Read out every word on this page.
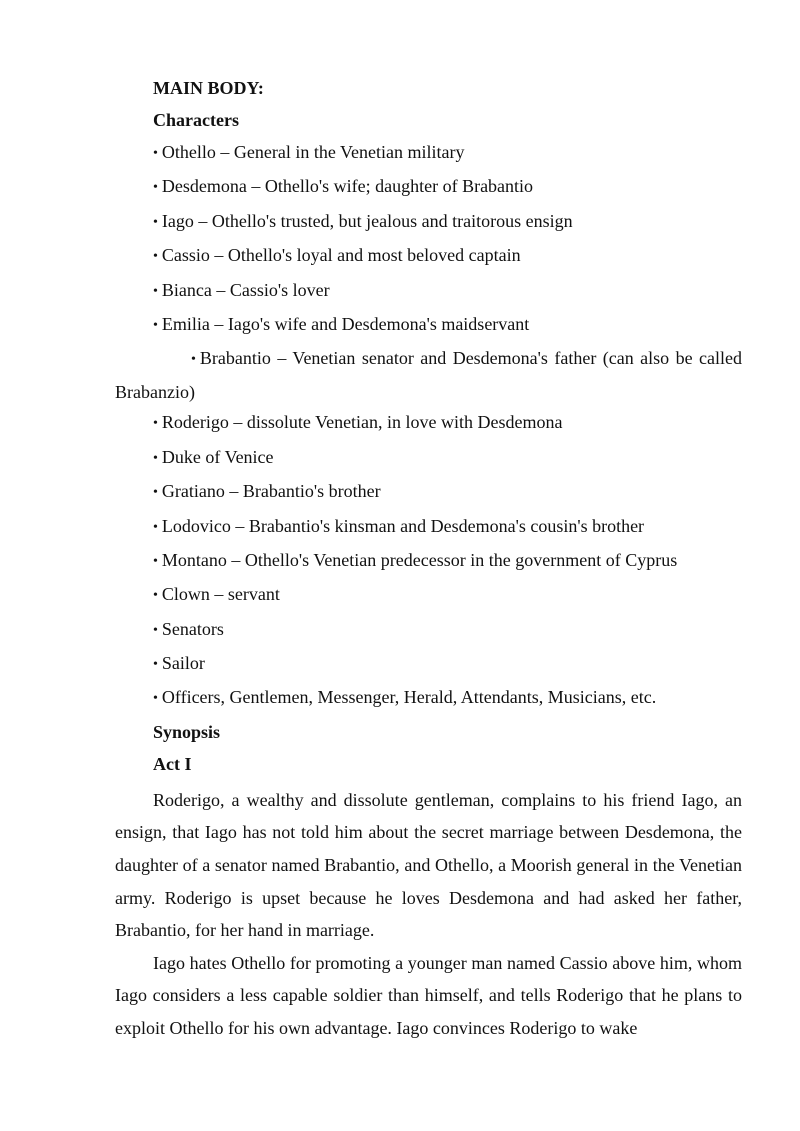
MAIN BODY:
Characters
• Othello – General in the Venetian military
• Desdemona – Othello's wife; daughter of Brabantio
• Iago – Othello's trusted, but jealous and traitorous ensign
• Cassio – Othello's loyal and most beloved captain
• Bianca – Cassio's lover
• Emilia – Iago's wife and Desdemona's maidservant
• Brabantio – Venetian senator and Desdemona's father (can also be called Brabanzio)
• Roderigo – dissolute Venetian, in love with Desdemona
• Duke of Venice
• Gratiano – Brabantio's brother
• Lodovico – Brabantio's kinsman and Desdemona's cousin's brother
• Montano – Othello's Venetian predecessor in the government of Cyprus
• Clown – servant
• Senators
• Sailor
• Officers, Gentlemen, Messenger, Herald, Attendants, Musicians, etc.
Synopsis
Act I

Roderigo, a wealthy and dissolute gentleman, complains to his friend Iago, an ensign, that Iago has not told him about the secret marriage between Desdemona, the daughter of a senator named Brabantio, and Othello, a Moorish general in the Venetian army. Roderigo is upset because he loves Desdemona and had asked her father, Brabantio, for her hand in marriage.

Iago hates Othello for promoting a younger man named Cassio above him, whom Iago considers a less capable soldier than himself, and tells Roderigo that he plans to exploit Othello for his own advantage. Iago convinces Roderigo to wake
